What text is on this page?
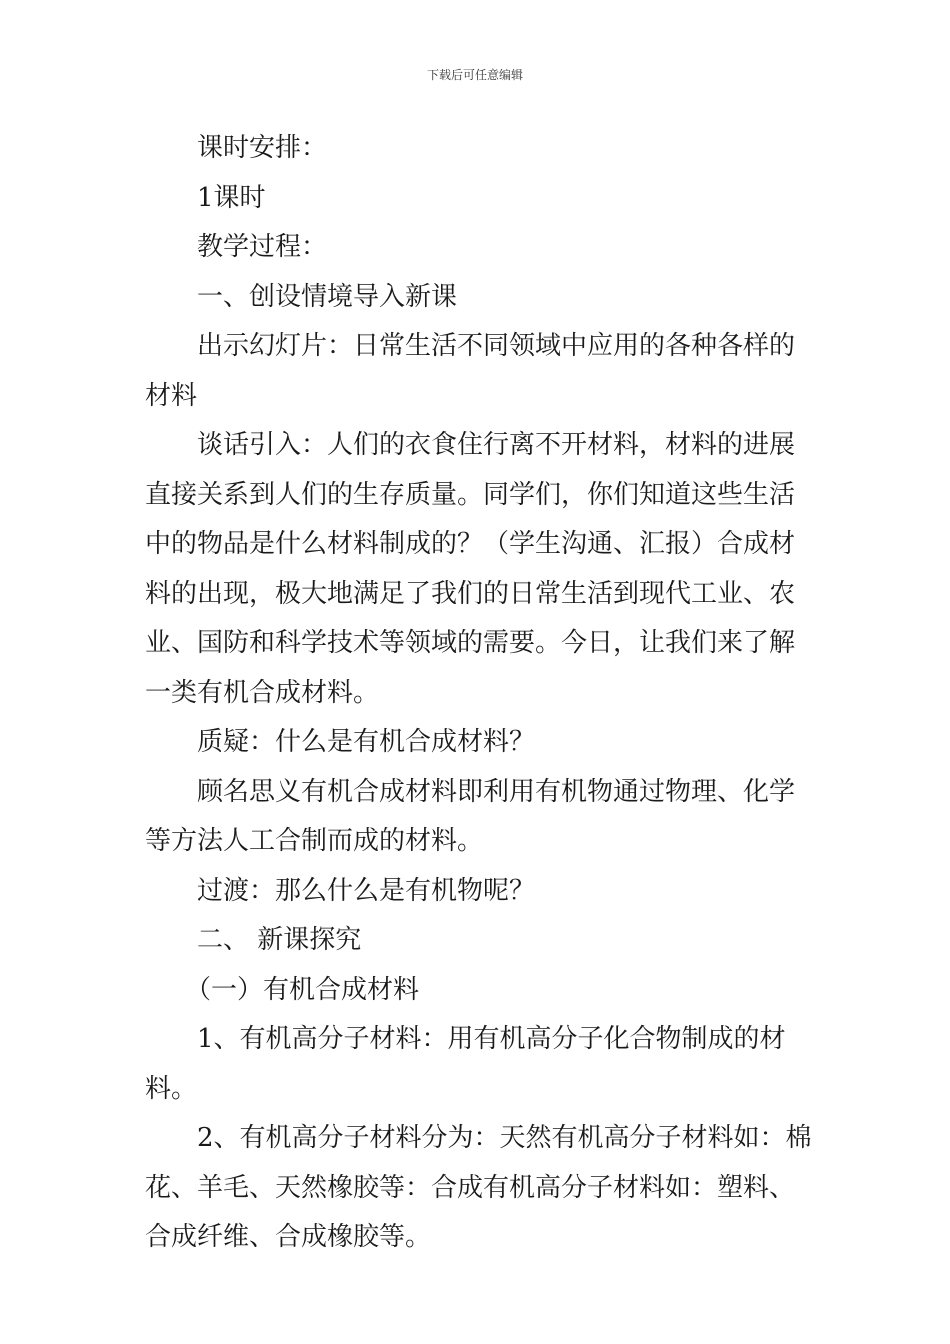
下载后可任意编辑

课时安排：

1课时

教学过程：

一、创设情境导入新课

出示幻灯片：日常生活不同领域中应用的各种各样的材料

谈话引入：人们的衣食住行离不开材料，材料的进展直接关系到人们的生存质量。同学们，你们知道这些生活中的物品是什么材料制成的？（学生沟通、汇报）合成材料的出现，极大地满足了我们的日常生活到现代工业、农业、国防和科学技术等领域的需要。今日，让我们来了解一类有机合成材料。

质疑：什么是有机合成材料？

顾名思义有机合成材料即利用有机物通过物理、化学等方法人工合制而成的材料。

过渡：那么什么是有机物呢？

二、 新课探究

（一）有机合成材料

1、有机高分子材料：用有机高分子化合物制成的材料。

2、有机高分子材料分为：天然有机高分子材料如：棉花、羊毛、天然橡胶等：合成有机高分子材料如：塑料、合成纤维、合成橡胶等。
